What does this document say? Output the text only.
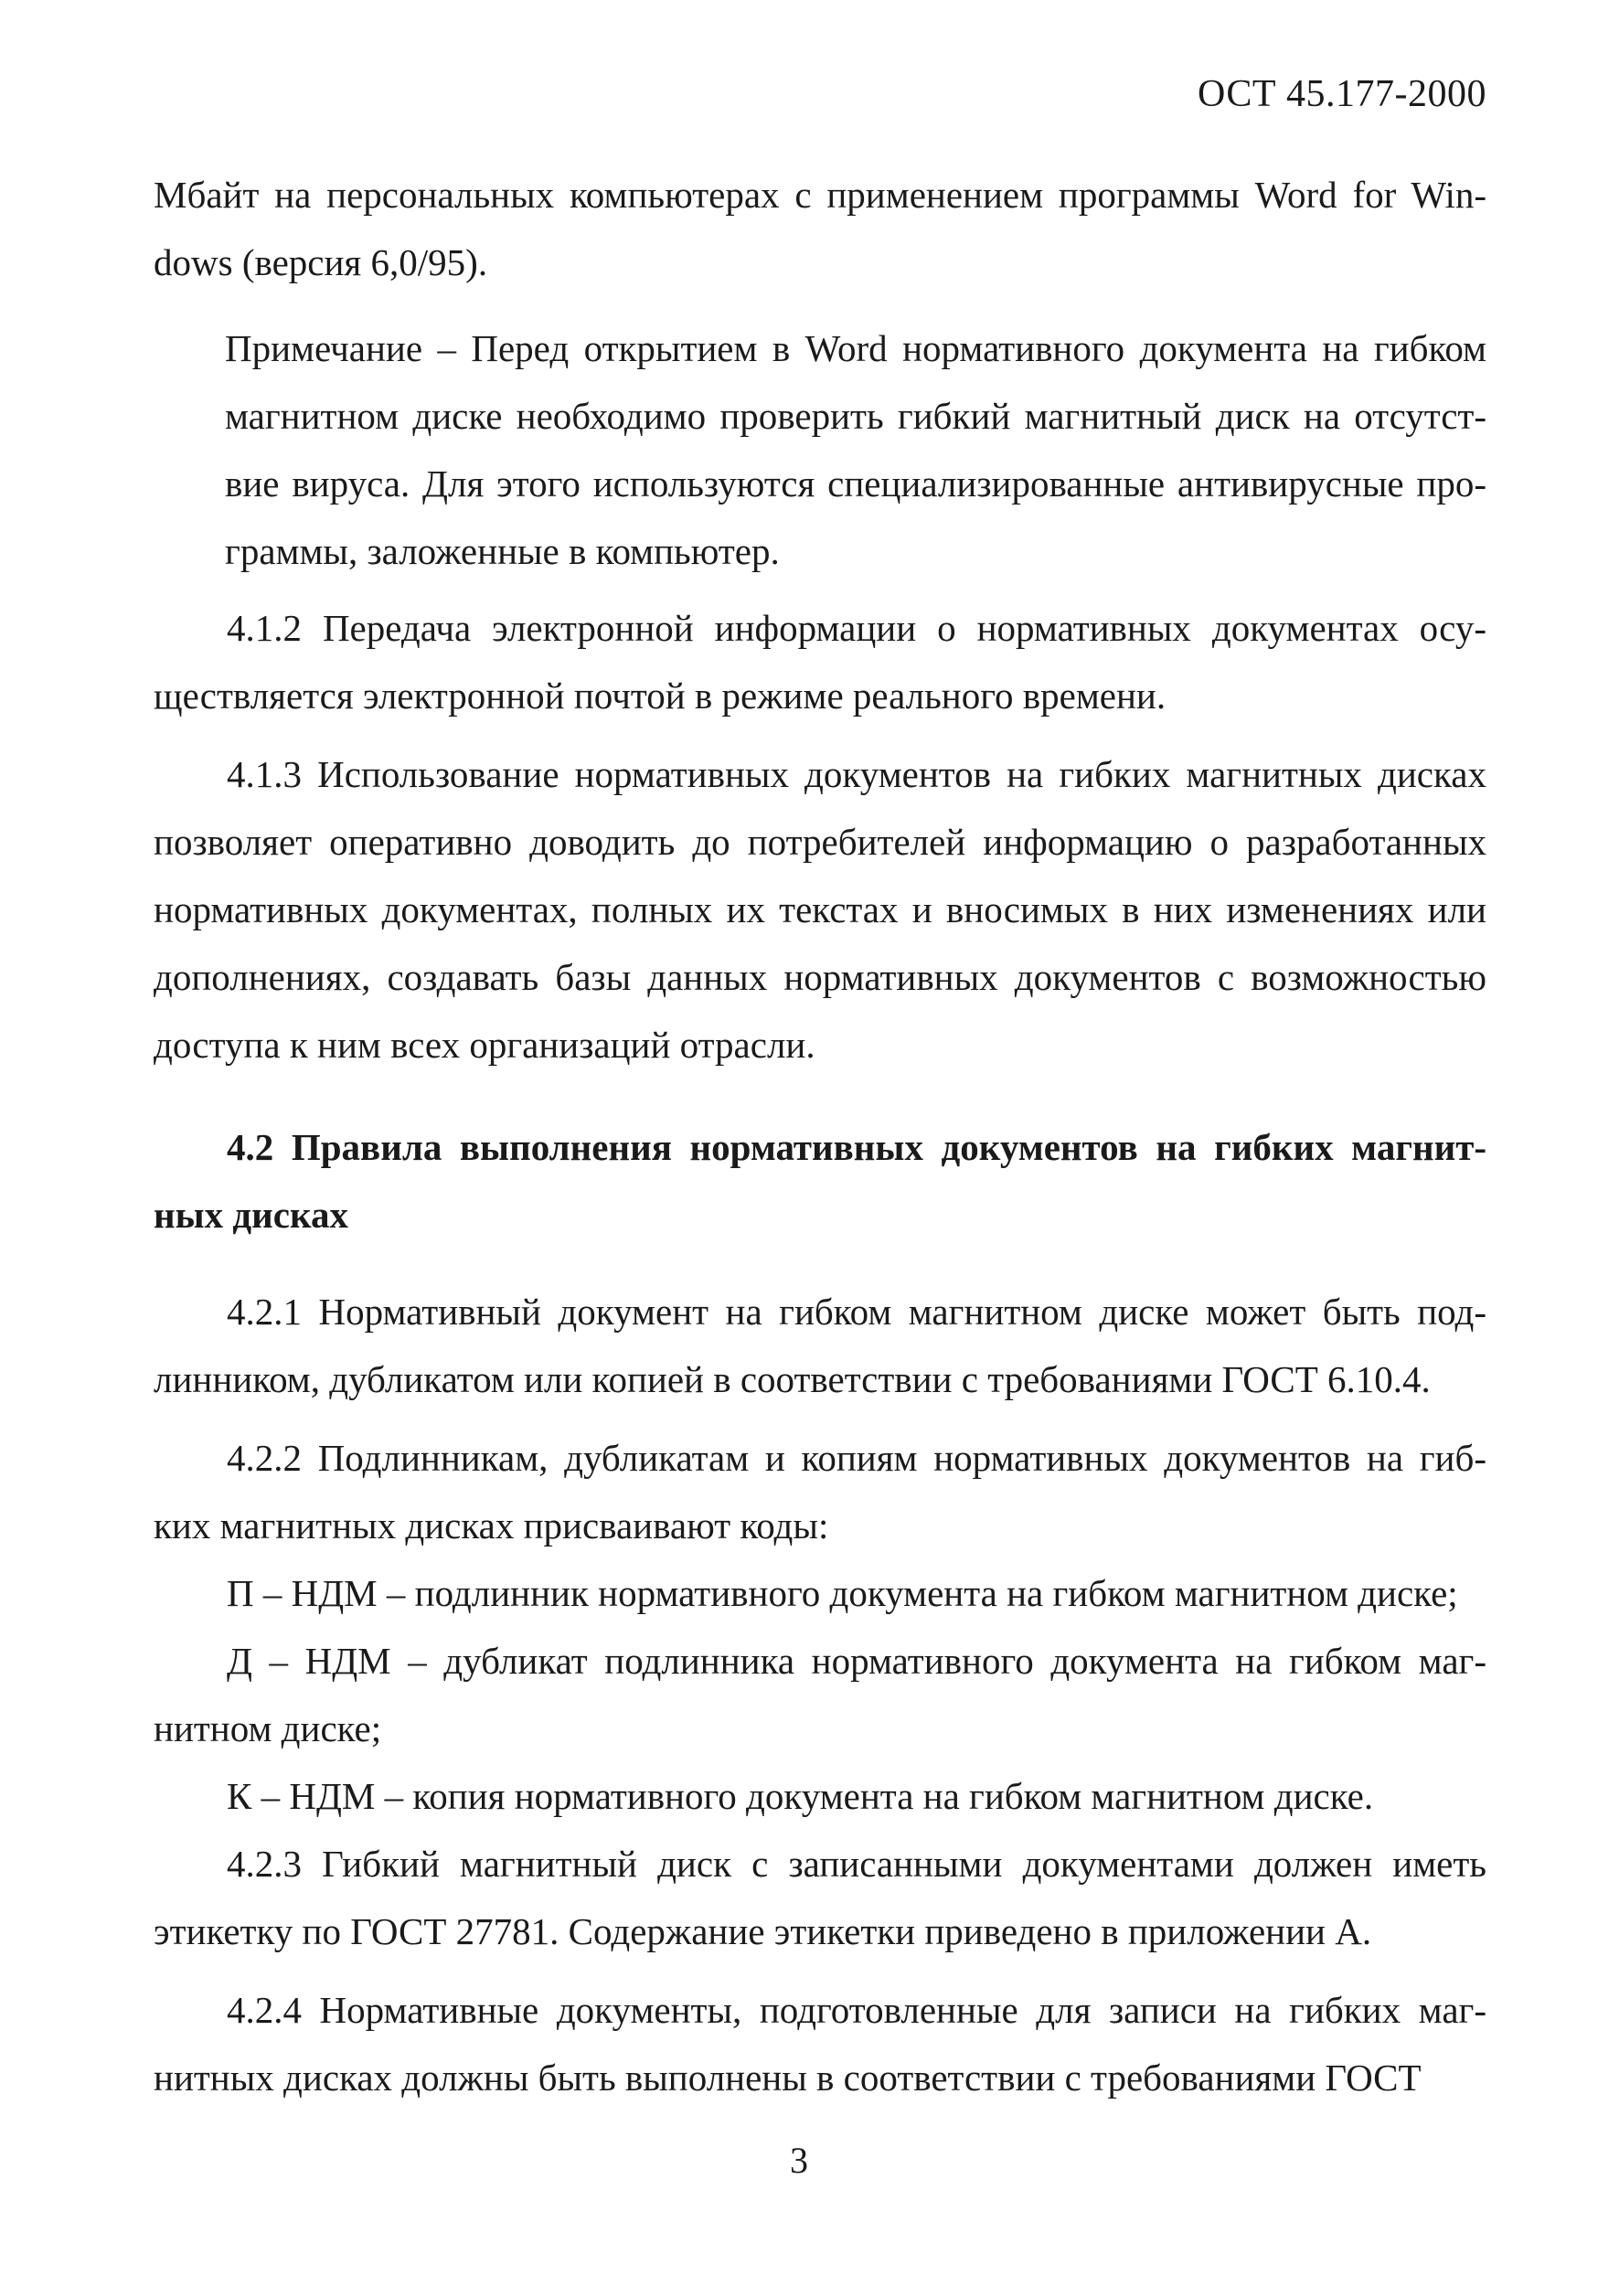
ОСТ 45.177-2000

Мбайт на персональных компьютерах с применением программы Word for Win-dows (версия 6,0/95).

Примечание – Перед открытием в Word нормативного документа на гибком магнитном диске необходимо проверить гибкий магнитный диск на отсутст-вие вируса. Для этого используются специализированные антивирусные про-граммы, заложенные в компьютер.

4.1.2 Передача электронной информации о нормативных документах осу-ществляется электронной почтой в режиме реального времени.

4.1.3 Использование нормативных документов на гибких магнитных дисках позволяет оперативно доводить до потребителей информацию о разработанных нормативных документах, полных их текстах и вносимых в них изменениях или дополнениях, создавать базы данных нормативных документов с возможностью доступа к ним всех организаций отрасли.

4.2 Правила выполнения нормативных документов на гибких магнит-ных дисках

4.2.1 Нормативный документ на гибком магнитном диске может быть под-линником, дубликатом или копией в соответствии с требованиями ГОСТ 6.10.4.

4.2.2 Подлинникам, дубликатам и копиям нормативных документов на гиб-ких магнитных дисках присваивают коды:

П – НДМ – подлинник нормативного документа на гибком магнитном диске;

Д – НДМ – дубликат подлинника нормативного документа на гибком маг-нитном диске;

К – НДМ – копия нормативного документа на гибком магнитном диске.

4.2.3 Гибкий магнитный диск с записанными документами должен иметь этикетку по ГОСТ 27781. Содержание этикетки приведено в приложении А.

4.2.4 Нормативные документы, подготовленные для записи на гибких маг-нитных дисках должны быть выполнены в соответствии с требованиями ГОСТ

3
